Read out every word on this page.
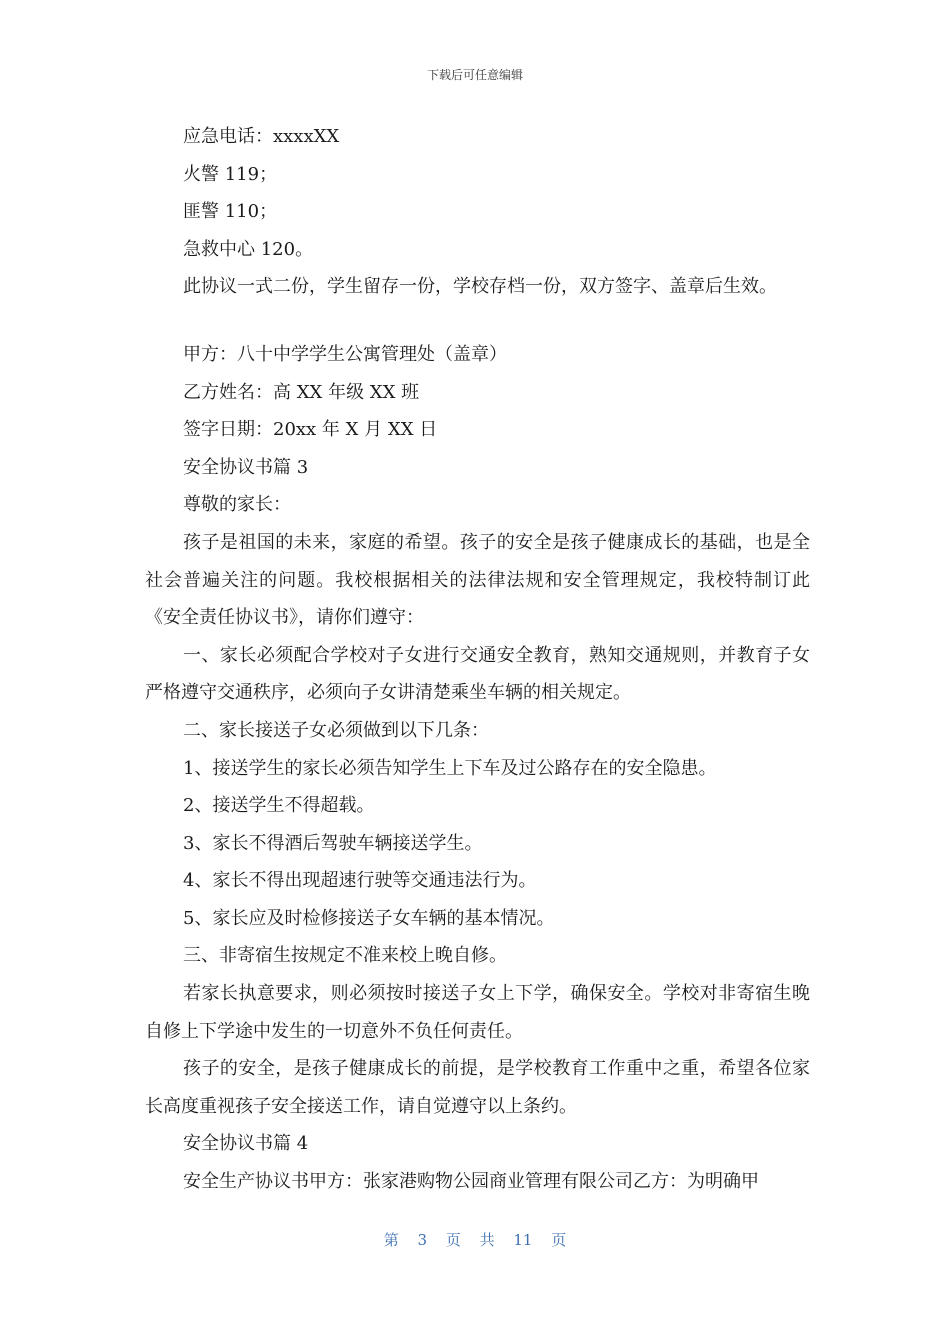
下载后可任意编辑
应急电话：xxxxXX
火警 119；
匪警 110；
急救中心 120。
此协议一式二份，学生留存一份，学校存档一份，双方签字、盖章后生效。
甲方：八十中学学生公寓管理处（盖章）
乙方姓名：高 XX 年级 XX 班
签字日期：20xx 年 X 月 XX 日
安全协议书篇 3
尊敬的家长：

孩子是祖国的未来，家庭的希望。孩子的安全是孩子健康成长的基础，也是全社会普遍关注的问题。我校根据相关的法律法规和安全管理规定，我校特制订此《安全责任协议书》，请你们遵守：

一、家长必须配合学校对子女进行交通安全教育，熟知交通规则，并教育子女严格遵守交通秩序，必须向子女讲清楚乘坐车辆的相关规定。

二、家长接送子女必须做到以下几条：
1、接送学生的家长必须告知学生上下车及过公路存在的安全隐患。
2、接送学生不得超载。
3、家长不得酒后驾驶车辆接送学生。
4、家长不得出现超速行驶等交通违法行为。
5、家长应及时检修接送子女车辆的基本情况。
三、非寄宿生按规定不准来校上晚自修。

若家长执意要求，则必须按时接送子女上下学，确保安全。学校对非寄宿生晚自修上下学途中发生的一切意外不负任何责任。

孩子的安全，是孩子健康成长的前提，是学校教育工作重中之重，希望各位家长高度重视孩子安全接送工作，请自觉遵守以上条约。

安全协议书篇 4
安全生产协议书甲方：张家港购物公园商业管理有限公司乙方：为明确甲
第 3 页 共 11 页
